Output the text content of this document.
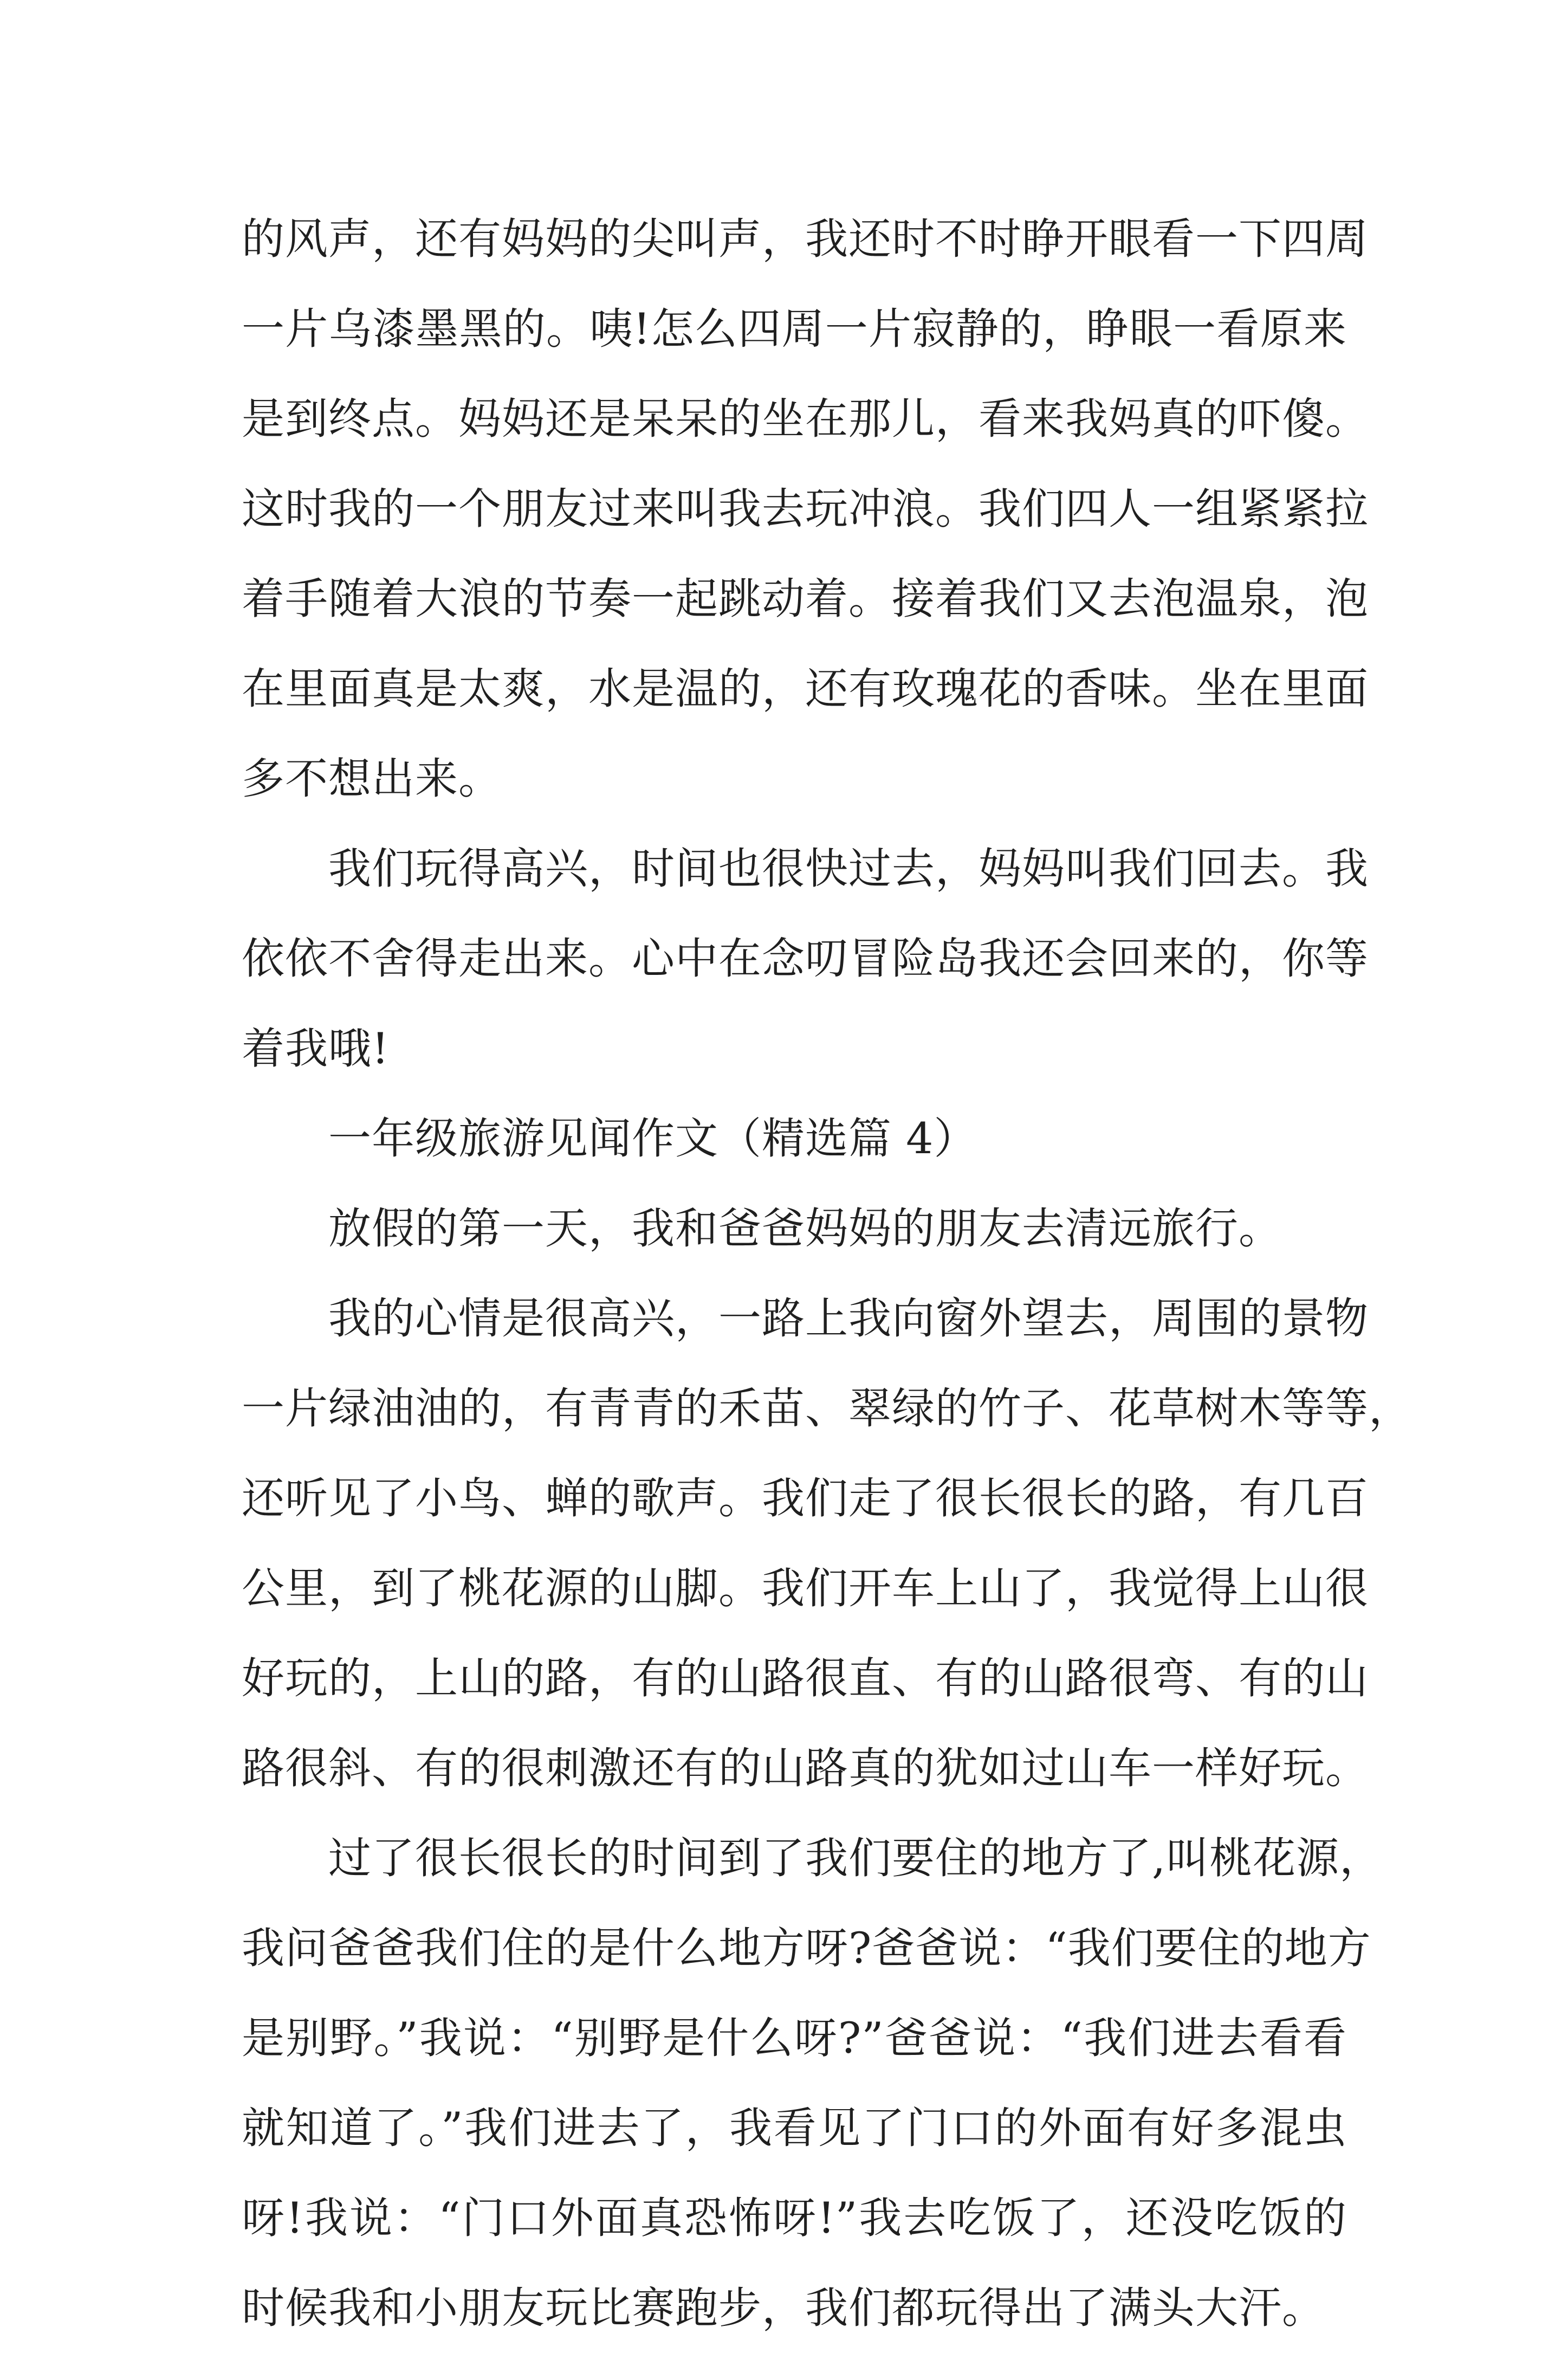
的风声，还有妈妈的尖叫声，我还时不时睁开眼看一下四周
一片乌漆墨黑的。咦!怎么四周一片寂静的，睁眼一看原来
是到终点。妈妈还是呆呆的坐在那儿，看来我妈真的吓傻。
这时我的一个朋友过来叫我去玩冲浪。我们四人一组紧紧拉
着手随着大浪的节奏一起跳动着。接着我们又去泡温泉，泡
在里面真是太爽，水是温的，还有玫瑰花的香味。坐在里面
多不想出来。
我们玩得高兴，时间也很快过去，妈妈叫我们回去。我
依依不舍得走出来。心中在念叨冒险岛我还会回来的，你等
着我哦!
一年级旅游见闻作文（精选篇 4）
放假的第一天，我和爸爸妈妈的朋友去清远旅行。
我的心情是很高兴，一路上我向窗外望去，周围的景物
一片绿油油的，有青青的禾苗、翠绿的竹子、花草树木等等，
还听见了小鸟、蝉的歌声。我们走了很长很长的路，有几百
公里，到了桃花源的山脚。我们开车上山了，我觉得上山很
好玩的，上山的路，有的山路很直、有的山路很弯、有的山
路很斜、有的很刺激还有的山路真的犹如过山车一样好玩。
过了很长很长的时间到了我们要住的地方了,叫桃花源，
我问爸爸我们住的是什么地方呀?爸爸说：“我们要住的地方
是别野。”我说：“别野是什么呀?”爸爸说：“我们进去看看
就知道了。”我们进去了，我看见了门口的外面有好多混虫
呀!我说：“门口外面真恐怖呀!”我去吃饭了，还没吃饭的
时候我和小朋友玩比赛跑步，我们都玩得出了满头大汗。
